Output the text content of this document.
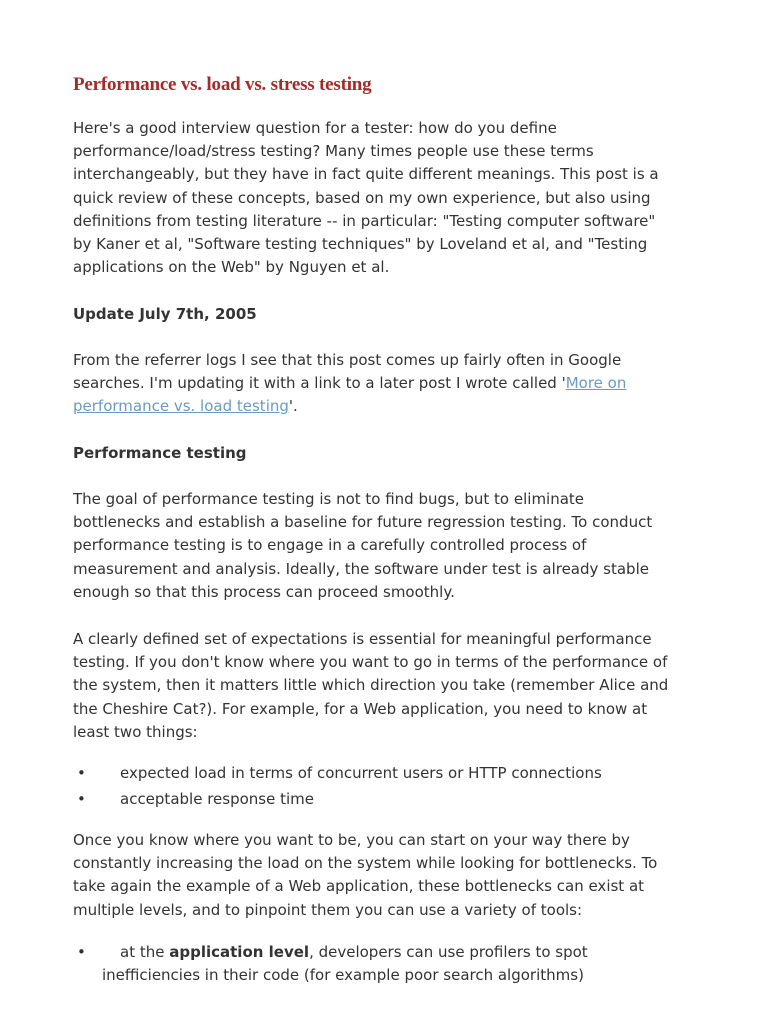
Performance vs. load vs. stress testing

Here's a good interview question for a tester: how do you define
performance/load/stress testing? Many times people use these terms
interchangeably, but they have in fact quite different meanings. This post is a
quick review of these concepts, based on my own experience, but also using
definitions from testing literature -- in particular: "Testing computer software"
by Kaner et al, "Software testing techniques" by Loveland et al, and "Testing
applications on the Web" by Nguyen et al.

Update July 7th, 2005

From the referrer logs I see that this post comes up fairly often in Google
searches. I'm updating it with a link to a later post I wrote called 'More on
performance vs. load testing'.

Performance testing

The goal of performance testing is not to find bugs, but to eliminate
bottlenecks and establish a baseline for future regression testing. To conduct
performance testing is to engage in a carefully controlled process of
measurement and analysis. Ideally, the software under test is already stable
enough so that this process can proceed smoothly.

A clearly defined set of expectations is essential for meaningful performance
testing. If you don't know where you want to go in terms of the performance of
the system, then it matters little which direction you take (remember Alice and
the Cheshire Cat?). For example, for a Web application, you need to know at
least two things:

•	expected load in terms of concurrent users or HTTP connections
•	acceptable response time

Once you know where you want to be, you can start on your way there by
constantly increasing the load on the system while looking for bottlenecks. To
take again the example of a Web application, these bottlenecks can exist at
multiple levels, and to pinpoint them you can use a variety of tools:

•	at the application level, developers can use profilers to spot
inefficiencies in their code (for example poor search algorithms)
